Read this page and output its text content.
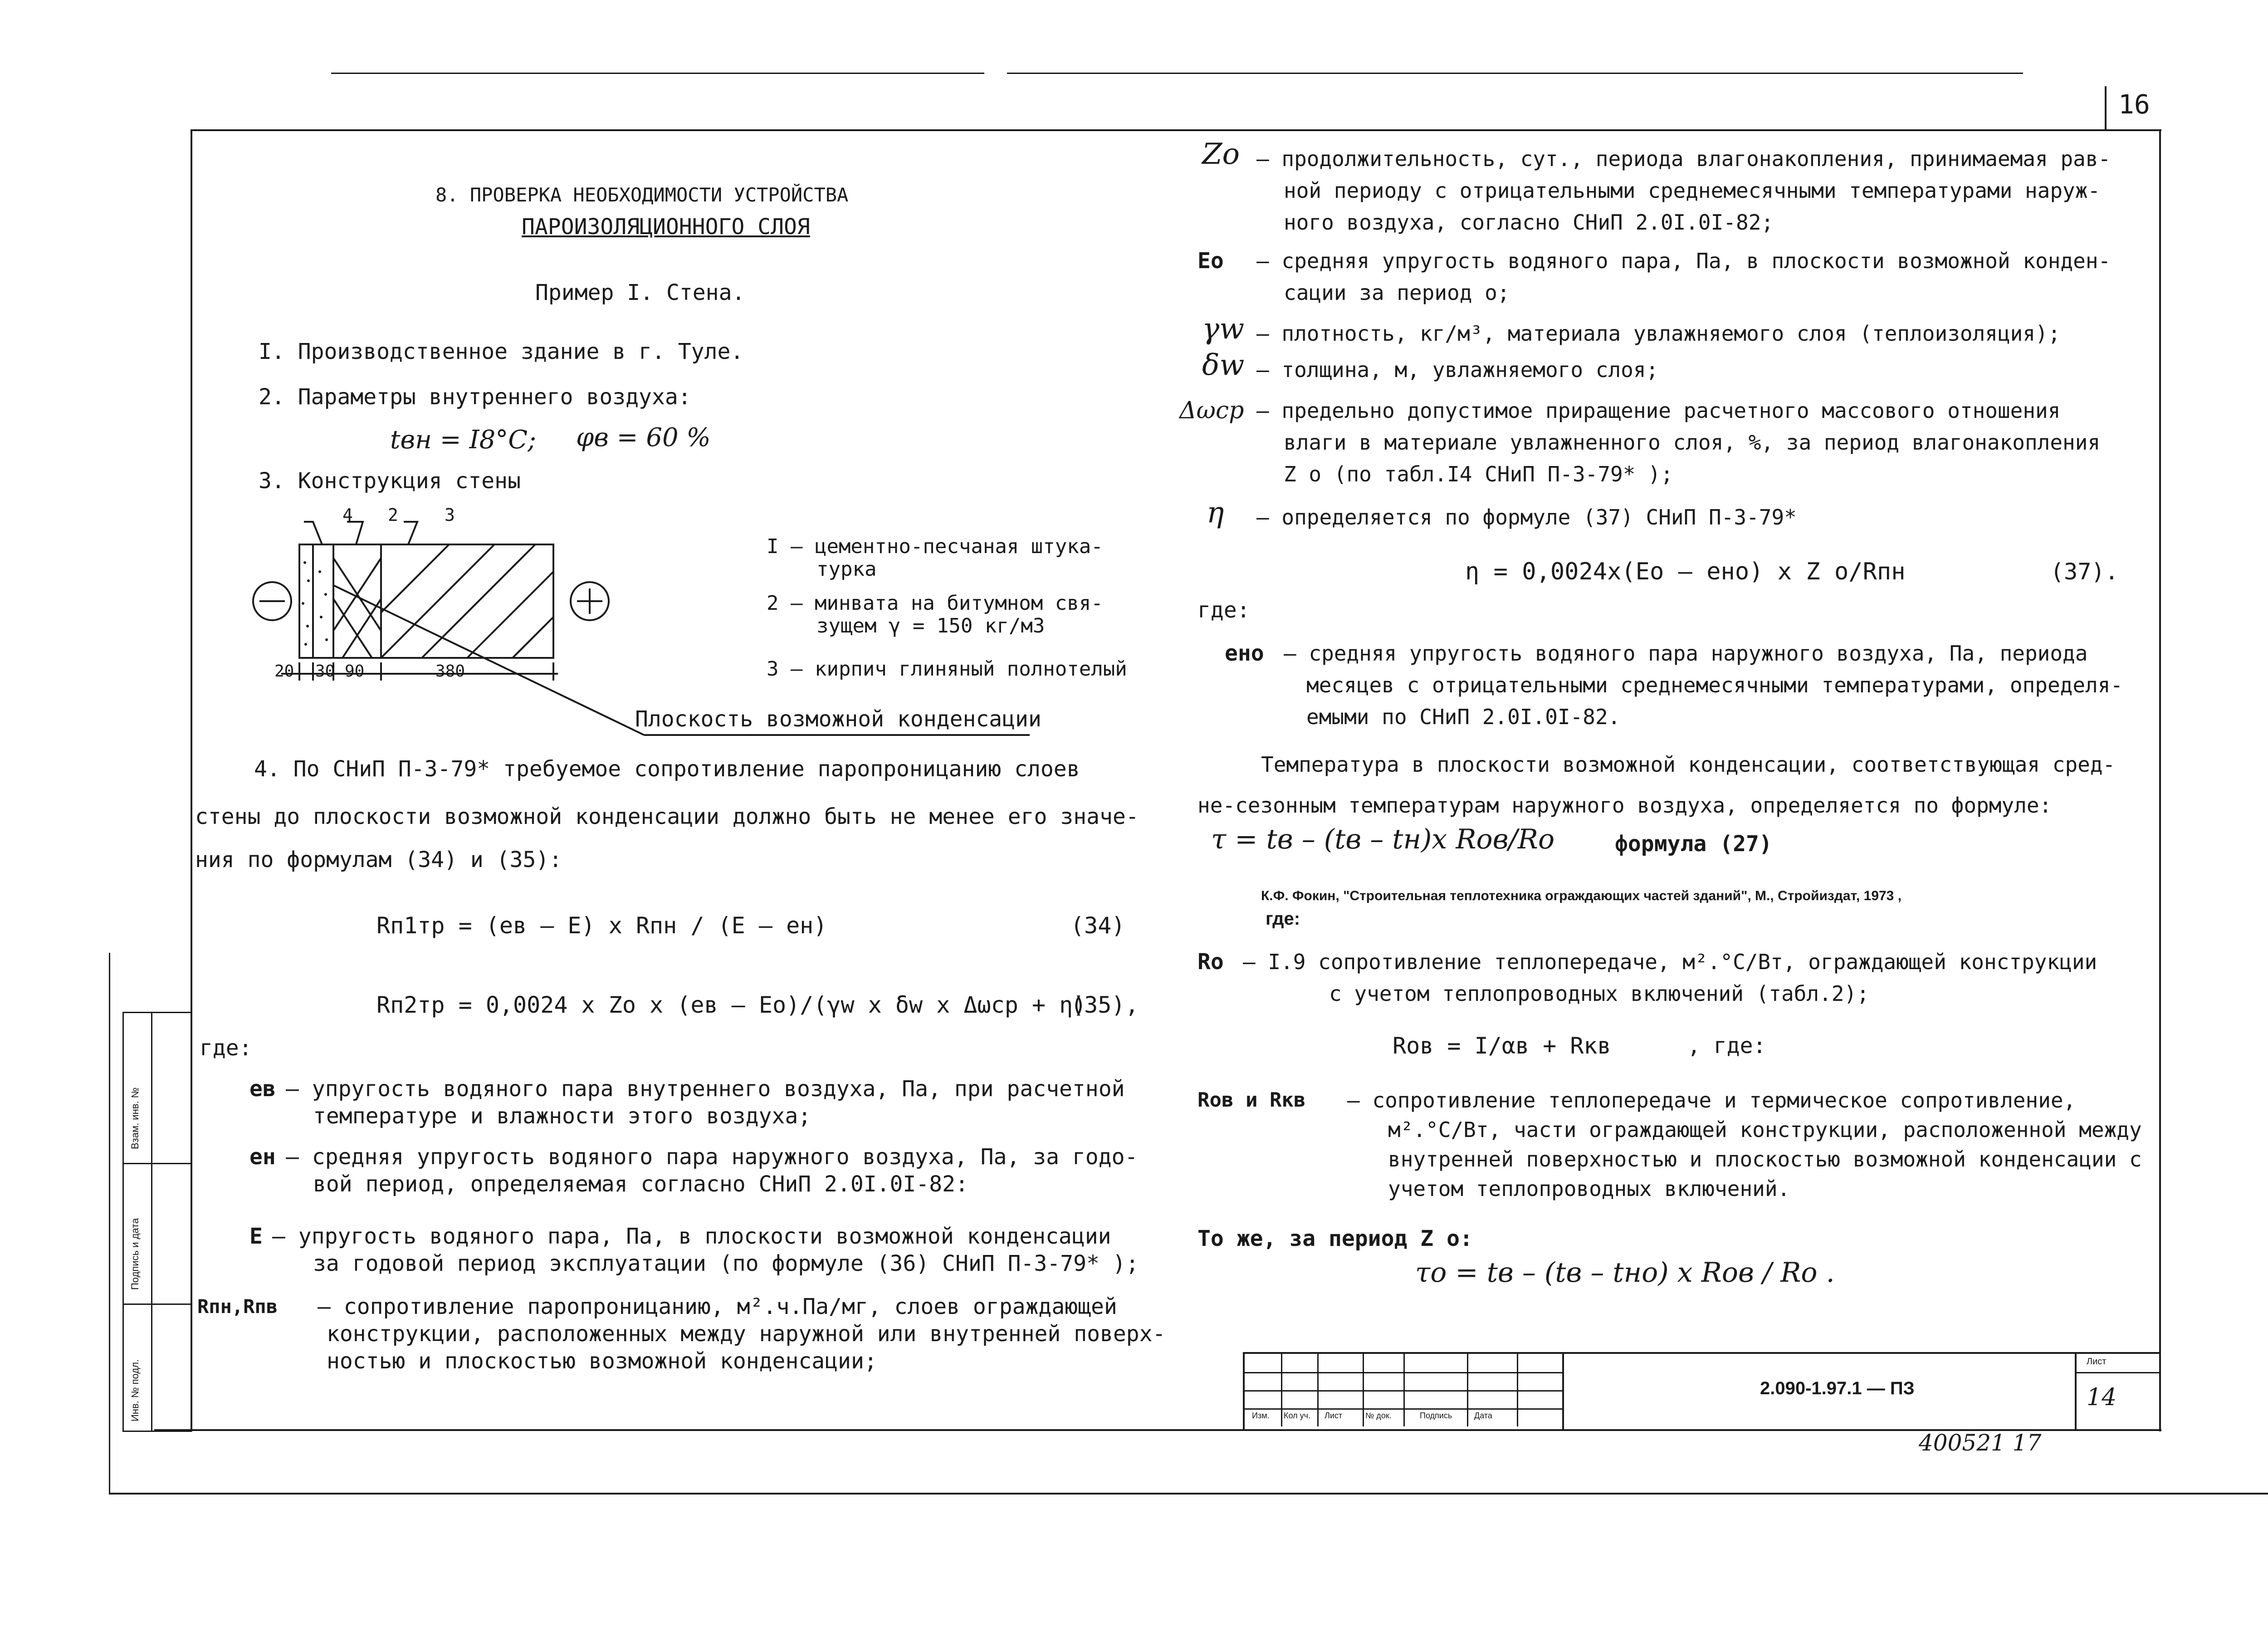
16
Взам. инв. №
Подпись и дата
Инв. № подл.
8. ПРОВЕРКА НЕОБХОДИМОСТИ УСТРОЙСТВА
ПАРОИЗОЛЯЦИОННОГО СЛОЯ
Пример I. Стена.
I. Производственное здание в г. Туле.
2. Параметры внутреннего воздуха:
tвн = I8°C; φв = 60 %
3. Конструкция стены
4 2	3
20 30 90	380
I – цементно-песчаная штука-
турка
2 – минвата на битумном свя-
зущем γ = 150 кг/м3
3 – кирпич глиняный полнотелый
Плоскость возможной конденсации
4. По СНиП П-3-79* требуемое сопротивление паропроницанию слоев
стены до плоскости возможной конденсации должно быть не менее его значе-
ния по формулам (34) и (35):
Rп1тр = (eв – E) x Rпн / (E – eн)	(34)
Rп2тр = 0,0024 x Zо x (eв – Eо)/(γw x δw x Δωср + η)
(35),
где:
eв – упругость водяного пара внутреннего воздуха, Па, при расчетной
температуре и влажности этого воздуха;
eн – средняя упругость водяного пара наружного воздуха, Па, за годо-
вой период, определяемая согласно СНиП 2.0I.0I-82:
E – упругость водяного пара, Па, в плоскости возможной конденсации
за годовой период эксплуатации (по формуле (36) СНиП П-3-79* );
Rпн,Rпв – сопротивление паропроницанию, м².ч.Па/мг, слоев ограждающей
конструкции, расположенных между наружной или внутренней поверх-
ностью и плоскостью возможной конденсации;
Zo – продолжительность, сут., периода влагонакопления, принимаемая рав-
ной периоду с отрицательными среднемесячными температурами наруж-
ного воздуха, согласно СНиП 2.0I.0I-82;
Eо – средняя упругость водяного пара, Па, в плоскости возможной конден-
сации за период о;
γw – плотность, кг/м³, материала увлажняемого слоя (теплоизоляция);
δw – толщина, м, увлажняемого слоя;
Δωср – предельно допустимое приращение расчетного массового отношения
влаги в материале увлажненного слоя, %, за период влагонакопления
Z о (по табл.I4 СНиП П-3-79* );
η – определяется по формуле (37) СНиП П-3-79*
η = 0,0024x(Eо – eно) x Z о/Rпн	(37).
где:
eно – средняя упругость водяного пара наружного воздуха, Па, периода
месяцев с отрицательными среднемесячными температурами, определя-
емыми по СНиП 2.0I.0I-82.
Температура в плоскости возможной конденсации, соответствующая сред-
не-сезонным температурам наружного воздуха, определяется по формуле:
τ = tв – (tв – tн)x Rов/Rо	формула (27)
К.Ф. Фокин, "Строительная теплотехника ограждающих частей зданий", М., Стройиздат, 1973 ,
где:
Rо – I.9 сопротивление теплопередаче, м².°С/Вт, ограждающей конструкции
с учетом теплопроводных включений (табл.2);
Rов = I/αв + Rкв	, где:
Rов и Rкв – сопротивление теплопередаче и термическое сопротивление,
м².°С/Вт, части ограждающей конструкции, расположенной между
внутренней поверхностью и плоскостью возможной конденсации с
учетом теплопроводных включений.
То же, за период Z о:
τо = tв – (tв – tно) x Rов / Rо .
Изм. Кол уч. Лист	№ док.	Подпись	Дата
2.090-1.97.1 — ПЗ
Лист
14
400521 17
